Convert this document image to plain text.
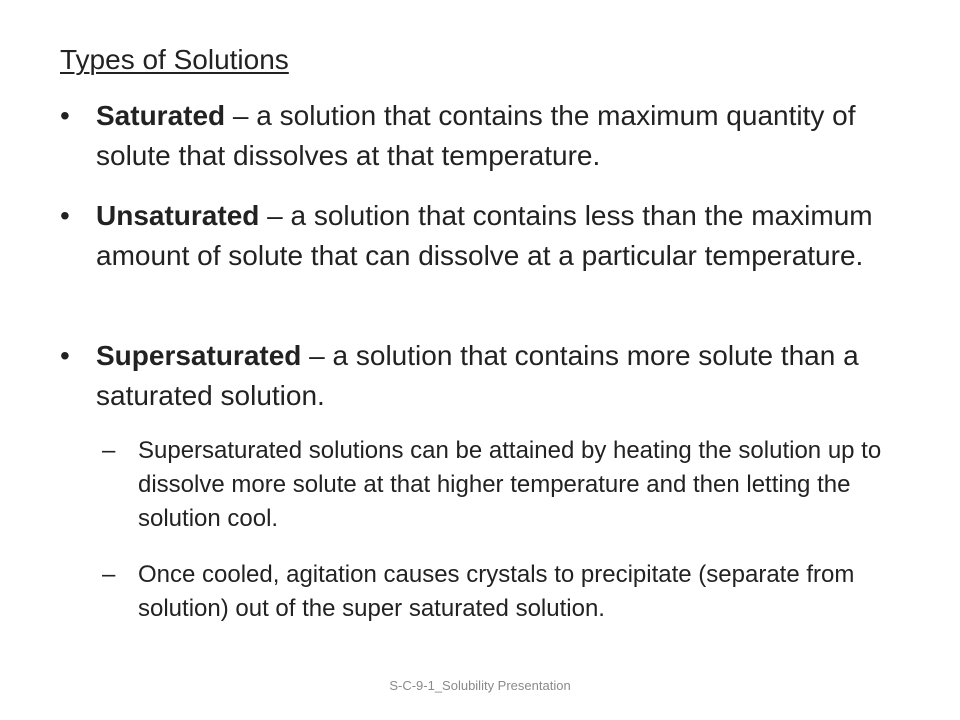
Types of Solutions
• Saturated – a solution that contains the maximum quantity of solute that dissolves at that temperature.
• Unsaturated – a solution that contains less than the maximum amount of solute that can dissolve at a particular temperature.
• Supersaturated – a solution that contains more solute than a saturated solution.
– Supersaturated solutions can be attained by heating the solution up to dissolve more solute at that higher temperature and then letting the solution cool.
– Once cooled, agitation causes crystals to precipitate (separate from solution) out of the super saturated solution.
S-C-9-1_Solubility Presentation
